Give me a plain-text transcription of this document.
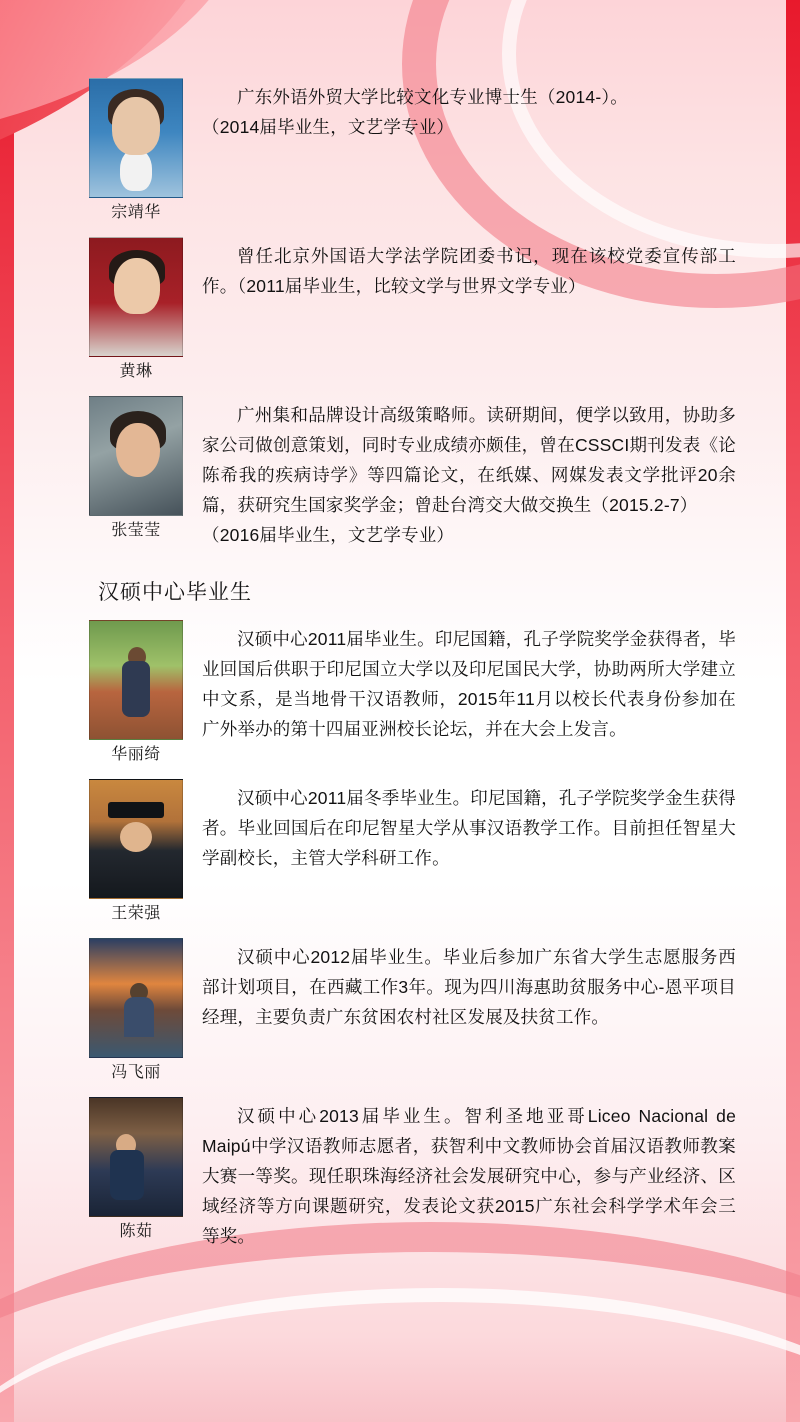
宗靖华

广东外语外贸大学比较文化专业博士生（2014-）。

（2014届毕业生，文艺学专业）

黄琳

曾任北京外国语大学法学院团委书记，现在该校党委宣传部工作。（2011届毕业生，比较文学与世界文学专业）

张莹莹

广州集和品牌设计高级策略师。读研期间，便学以致用，协助多家公司做创意策划，同时专业成绩亦颇佳，曾在CSSCI期刊发表《论陈希我的疾病诗学》等四篇论文，在纸媒、网媒发表文学批评20余篇，获研究生国家奖学金；曾赴台湾交大做交换生（2015.2-7）

（2016届毕业生，文艺学专业）

汉硕中心毕业生
华丽绮

汉硕中心2011届毕业生。印尼国籍，孔子学院奖学金获得者，毕业回国后供职于印尼国立大学以及印尼国民大学，协助两所大学建立中文系，是当地骨干汉语教师，2015年11月以校长代表身份参加在广外举办的第十四届亚洲校长论坛，并在大会上发言。

王荣强

汉硕中心2011届冬季毕业生。印尼国籍，孔子学院奖学金生获得者。毕业回国后在印尼智星大学从事汉语教学工作。目前担任智星大学副校长，主管大学科研工作。

冯飞丽

汉硕中心2012届毕业生。毕业后参加广东省大学生志愿服务西部计划项目，在西藏工作3年。现为四川海惠助贫服务中心-恩平项目经理，主要负责广东贫困农村社区发展及扶贫工作。

陈茹

汉硕中心2013届毕业生。智利圣地亚哥Liceo Nacional de Maipú中学汉语教师志愿者，获智利中文教师协会首届汉语教师教案大赛一等奖。现任职珠海经济社会发展研究中心，参与产业经济、区域经济等方向课题研究，发表论文获2015广东社会科学学术年会三等奖。
